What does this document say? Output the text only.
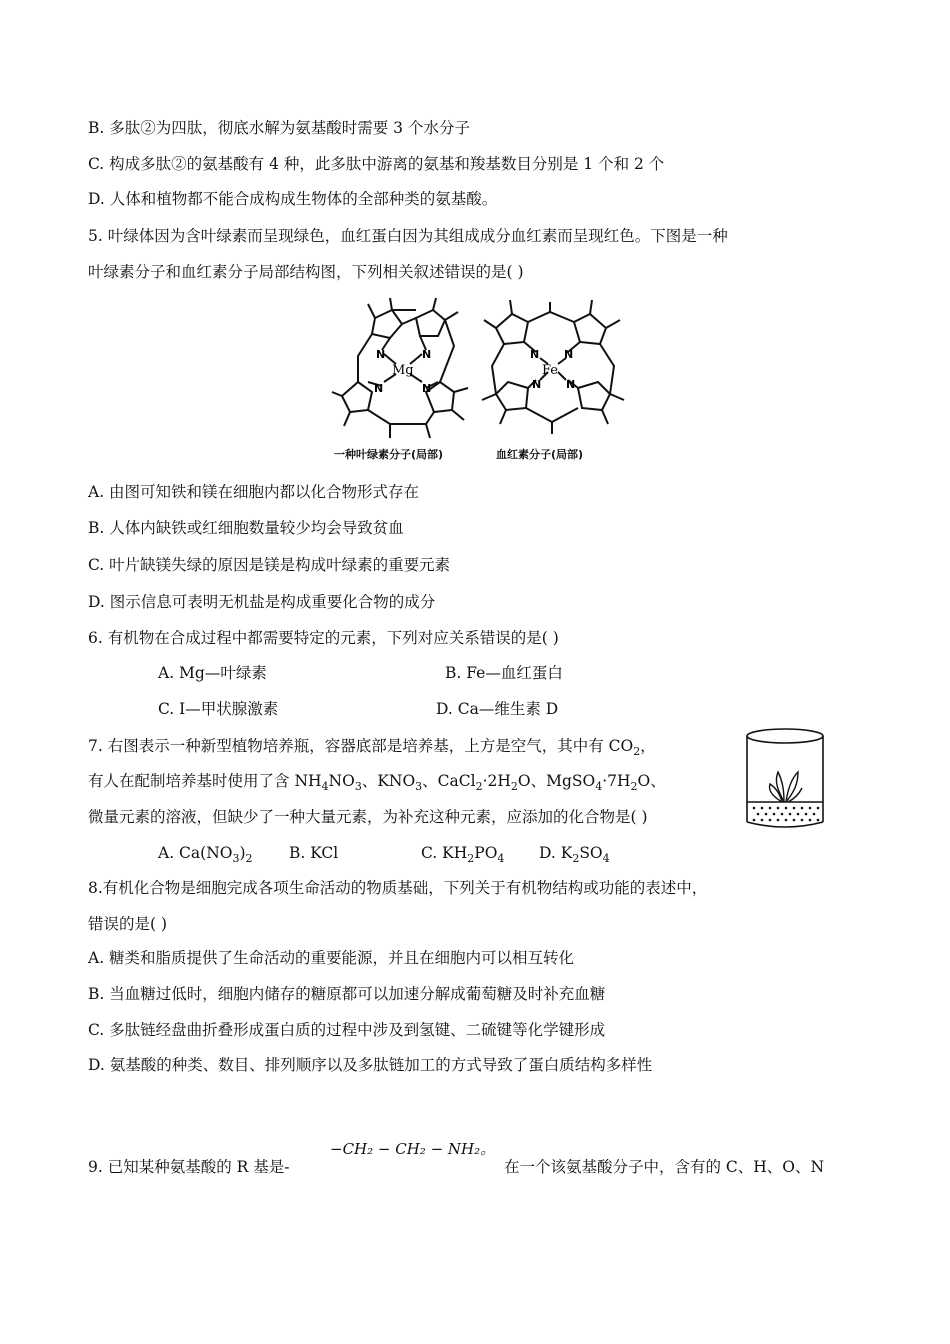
B. 多肽②为四肽，彻底水解为氨基酸时需要 3 个水分子
C. 构成多肽②的氨基酸有 4 种，此多肽中游离的氨基和羧基数目分别是 1 个和 2 个
D. 人体和植物都不能合成构成生物体的全部种类的氨基酸。
5. 叶绿体因为含叶绿素而呈现绿色，血红蛋白因为其组成成分血红素而呈现红色。下图是一种
叶绿素分子和血红素分子局部结构图，下列相关叙述错误的是( )
N	N
N	N
Mg
N N
N N
Fe
一种叶绿素分子(局部)	血红素分子(局部)
A. 由图可知铁和镁在细胞内都以化合物形式存在
B. 人体内缺铁或红细胞数量较少均会导致贫血
C. 叶片缺镁失绿的原因是镁是构成叶绿素的重要元素
D. 图示信息可表明无机盐是构成重要化合物的成分
6. 有机物在合成过程中都需要特定的元素，下列对应关系错误的是( )
A. Mg—叶绿素	B. Fe—血红蛋白
C. I—甲状腺激素	D. Ca—维生素 D
7. 右图表示一种新型植物培养瓶，容器底部是培养基，上方是空气，其中有 $CO_2$，
有人在配制培养基时使用了含 $NH_4NO_3$、$KNO_3$、$CaCl_2\cdot 2H_2O$、$MgSO_4\cdot 7H_2O$、
微量元素的溶液，但缺少了一种大量元素，为补充这种元素，应添加的化合物是( )
A. $Ca(NO_3)_2$ B. KCl	C. $KH_2PO_4$ D. $K_2SO_4$
8.有机化合物是细胞完成各项生命活动的物质基础，下列关于有机物结构或功能的表述中，
错误的是( )
A. 糖类和脂质提供了生命活动的重要能源，并且在细胞内可以相互转化
B. 当血糖过低时，细胞内储存的糖原都可以加速分解成葡萄糖及时补充血糖
C. 多肽链经盘曲折叠形成蛋白质的过程中涉及到氢键、二硫键等化学键形成
D. 氨基酸的种类、数目、排列顺序以及多肽链加工的方式导致了蛋白质结构多样性
9. 已知某种氨基酸的 R 基是-
−CH₂ − CH₂ − NH₂。
在一个该氨基酸分子中，含有的 C、H、O、N
